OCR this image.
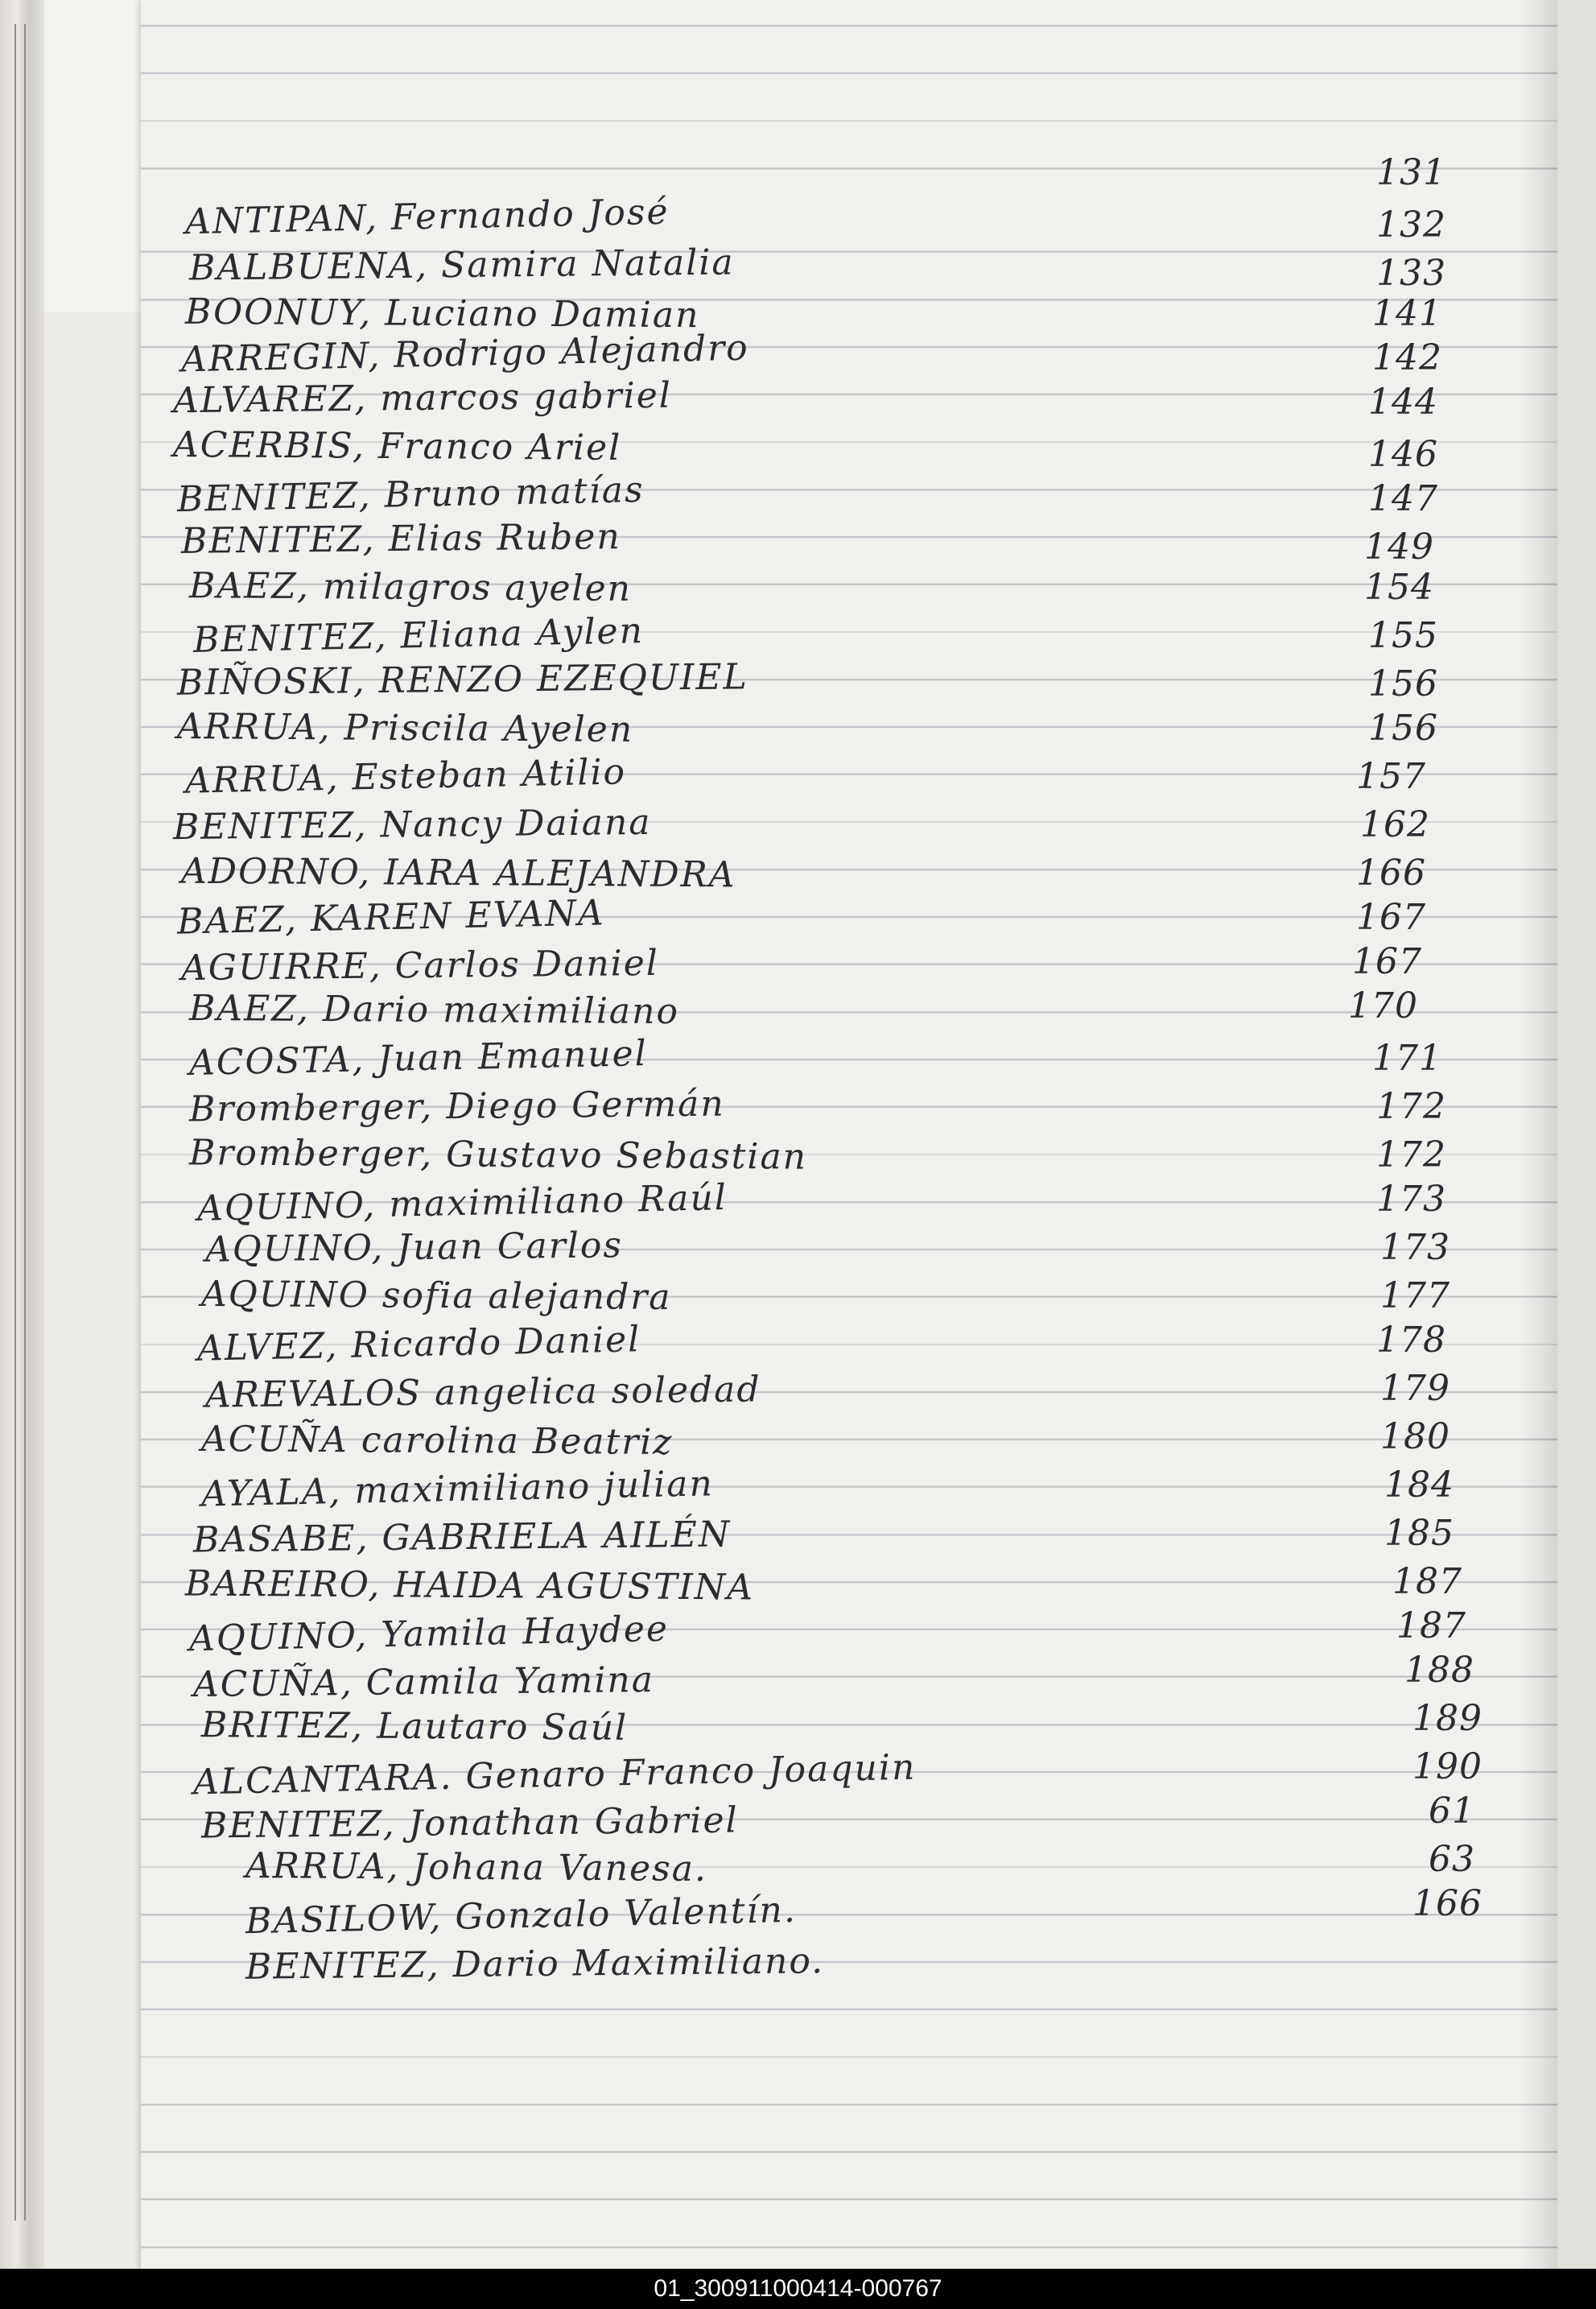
ANTIPAN, Fernando José
131
BALBUENA, Samira Natalia
132
BOONUY, Luciano Damian
133
ARREGIN, Rodrigo Alejandro
141
ALVAREZ, marcos gabriel
142
ACERBIS, Franco Ariel
144
BENITEZ, Bruno matías
146
BENITEZ, Elias Ruben
147
BAEZ, milagros ayelen
149
BENITEZ, Eliana Aylen
154
BIÑOSKI, RENZO EZEQUIEL
155
ARRUA, Priscila Ayelen
156
ARRUA, Esteban Atilio
156
BENITEZ, Nancy Daiana
157
ADORNO, IARA ALEJANDRA
162
BAEZ, KAREN EVANA
166
AGUIRRE, Carlos Daniel
167
BAEZ, Dario maximiliano
167
ACOSTA, Juan Emanuel
170
Bromberger, Diego Germán
171
Bromberger, Gustavo Sebastian
172
AQUINO, maximiliano Raúl
172
AQUINO, Juan Carlos
173
AQUINO sofia alejandra
173
ALVEZ, Ricardo Daniel
177
AREVALOS angelica soledad
178
ACUÑA carolina Beatriz
179
AYALA, maximiliano julian
180
BASABE, GABRIELA AILÉN
184
BAREIRO, HAIDA AGUSTINA
185
AQUINO, Yamila Haydee
187
ACUÑA, Camila Yamina
187
BRITEZ, Lautaro Saúl
188
ALCANTARA. Genaro Franco Joaquin
189
BENITEZ, Jonathan Gabriel
190
ARRUA, Johana Vanesa.
61
BASILOW, Gonzalo Valentín.
63
BENITEZ, Dario Maximiliano.
166
01_300911000414-000767
